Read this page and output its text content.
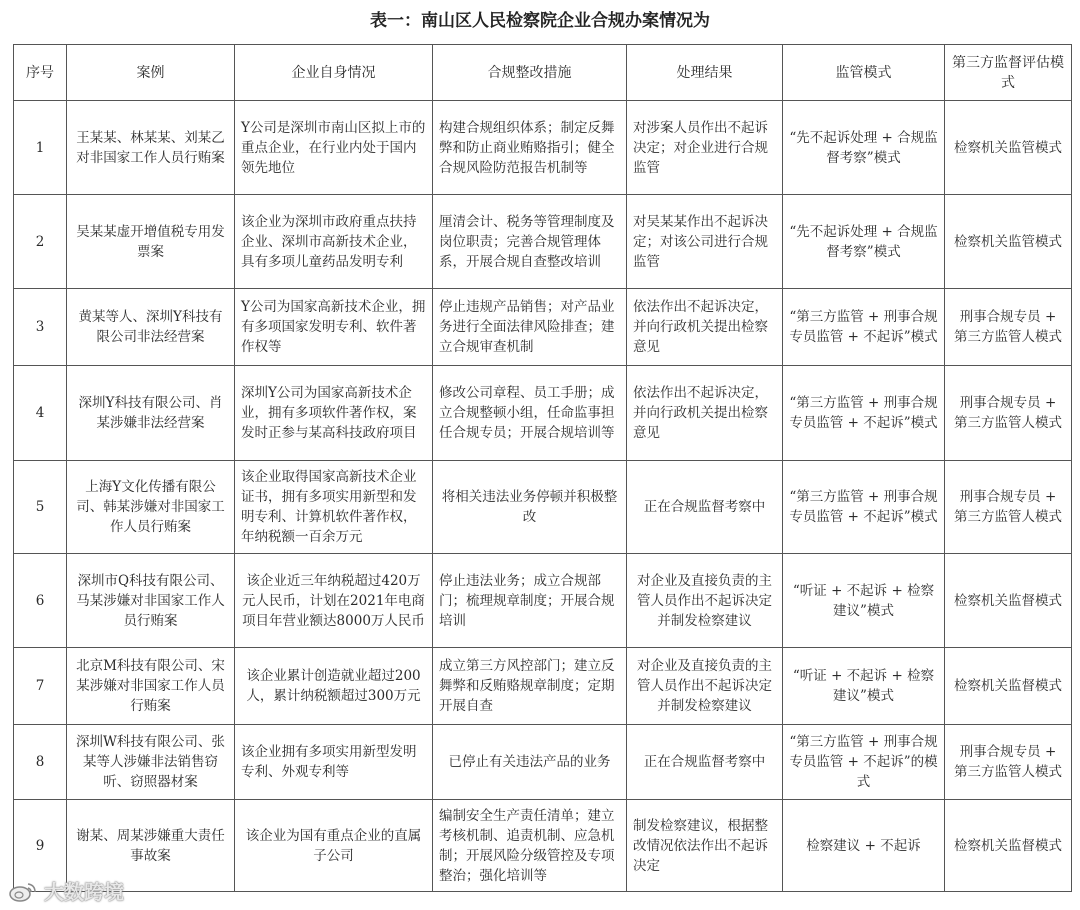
表一：南山区人民检察院企业合规办案情况为
序号	案例	企业自身情况	合规整改措施	处理结果	监管模式	第三方监督评估模式
1	王某某、林某某、刘某乙对非国家工作人员行贿案	Y公司是深圳市南山区拟上市的重点企业，在行业内处于国内领先地位	构建合规组织体系；制定反舞弊和防止商业贿赂指引；健全合规风险防范报告机制等	对涉案人员作出不起诉决定；对企业进行合规监管	“先不起诉处理 + 合规监督考察”模式	检察机关监管模式
2	吴某某虚开增值税专用发票案	该企业为深圳市政府重点扶持企业、深圳市高新技术企业，具有多项儿童药品发明专利	厘清会计、税务等管理制度及岗位职责；完善合规管理体系，开展合规自查整改培训	对吴某某作出不起诉决定；对该公司进行合规监管	“先不起诉处理 + 合规监督考察”模式	检察机关监管模式
3	黄某等人、深圳Y科技有限公司非法经营案	Y公司为国家高新技术企业，拥有多项国家发明专利、软件著作权等	停止违规产品销售；对产品业务进行全面法律风险排查；建立合规审查机制	依法作出不起诉决定，并向行政机关提出检察意见	“第三方监管 + 刑事合规专员监管 + 不起诉”模式	刑事合规专员 + 第三方监管人模式
4	深圳Y科技有限公司、肖某涉嫌非法经营案	深圳Y公司为国家高新技术企业，拥有多项软件著作权，案发时正参与某高科技政府项目	修改公司章程、员工手册；成立合规整顿小组，任命监事担任合规专员；开展合规培训等	依法作出不起诉决定，并向行政机关提出检察意见	“第三方监管 + 刑事合规专员监管 + 不起诉”模式	刑事合规专员 + 第三方监管人模式
5	上海Y文化传播有限公司、韩某涉嫌对非国家工作人员行贿案	该企业取得国家高新技术企业证书，拥有多项实用新型和发明专利、计算机软件著作权，年纳税额一百余万元	将相关违法业务停顿并积极整改	正在合规监督考察中	“第三方监管 + 刑事合规专员监管 + 不起诉”模式	刑事合规专员 + 第三方监管人模式
6	深圳市Q科技有限公司、马某涉嫌对非国家工作人员行贿案	该企业近三年纳税超过420万元人民币，计划在2021年电商项目年营业额达8000万人民币	停止违法业务；成立合规部门；梳理规章制度；开展合规培训	对企业及直接负责的主管人员作出不起诉决定并制发检察建议	“听证 + 不起诉 + 检察建议”模式	检察机关监督模式
7	北京M科技有限公司、宋某涉嫌对非国家工作人员行贿案	该企业累计创造就业超过200人，累计纳税额超过300万元	成立第三方风控部门；建立反舞弊和反贿赂规章制度；定期开展自查	对企业及直接负责的主管人员作出不起诉决定并制发检察建议	“听证 + 不起诉 + 检察建议”模式	检察机关监督模式
8	深圳W科技有限公司、张某等人涉嫌非法销售窃听、窃照器材案	该企业拥有多项实用新型发明专利、外观专利等	已停止有关违法产品的业务	正在合规监督考察中	“第三方监管 + 刑事合规专员监管 + 不起诉”的模式	刑事合规专员 + 第三方监管人模式
9	谢某、周某涉嫌重大责任事故案	该企业为国有重点企业的直属子公司	编制安全生产责任清单；建立考核机制、追责机制、应急机制；开展风险分级管控及专项整治；强化培训等	制发检察建议，根据整改情况依法作出不起诉决定	检察建议 + 不起诉	检察机关监督模式
大数跨境
